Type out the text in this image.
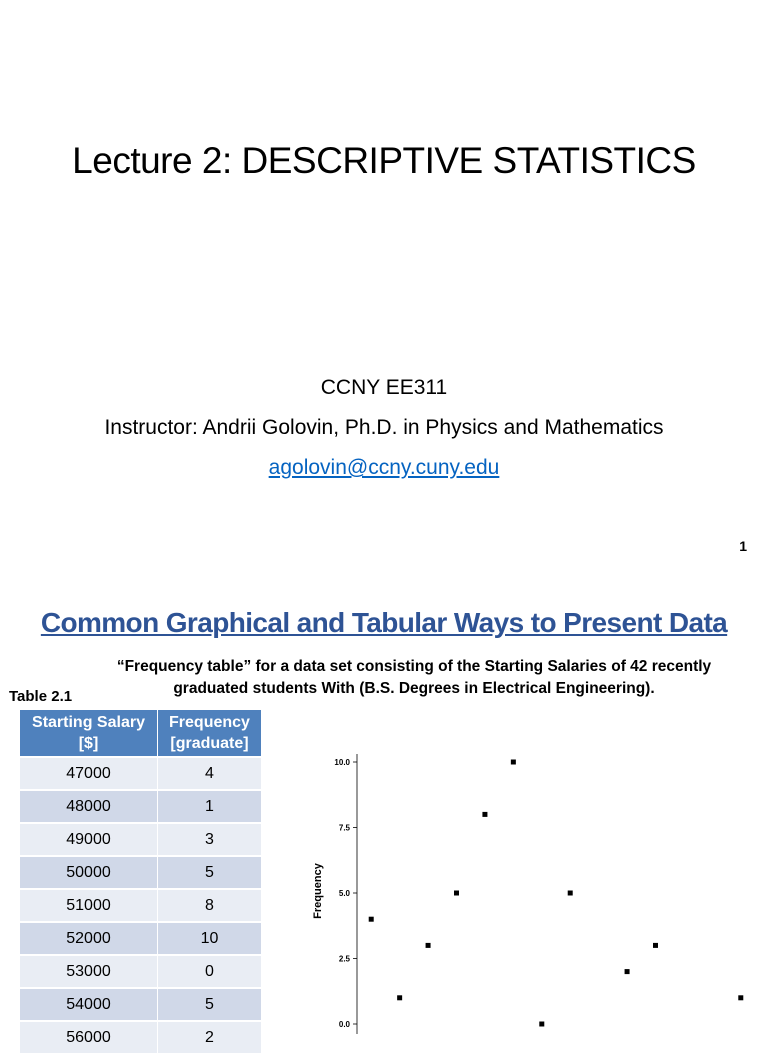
Lecture 2: DESCRIPTIVE STATISTICS
CCNY EE311
Instructor: Andrii Golovin, Ph.D. in Physics and Mathematics
agolovin@ccny.cuny.edu
1
Common Graphical and Tabular Ways to Present Data
“Frequency table” for a data set consisting of the Starting Salaries of 42 recently
graduated students With (B.S. Degrees in Electrical Engineering).
Table 2.1
Starting Salary [$]	Frequency [graduate]
47000	4
48000	1
49000	3
50000	5
51000	8
52000	10
53000	0
54000	5
56000	2
Frequency
10.0
7.5
5.0
2.5
0.0
